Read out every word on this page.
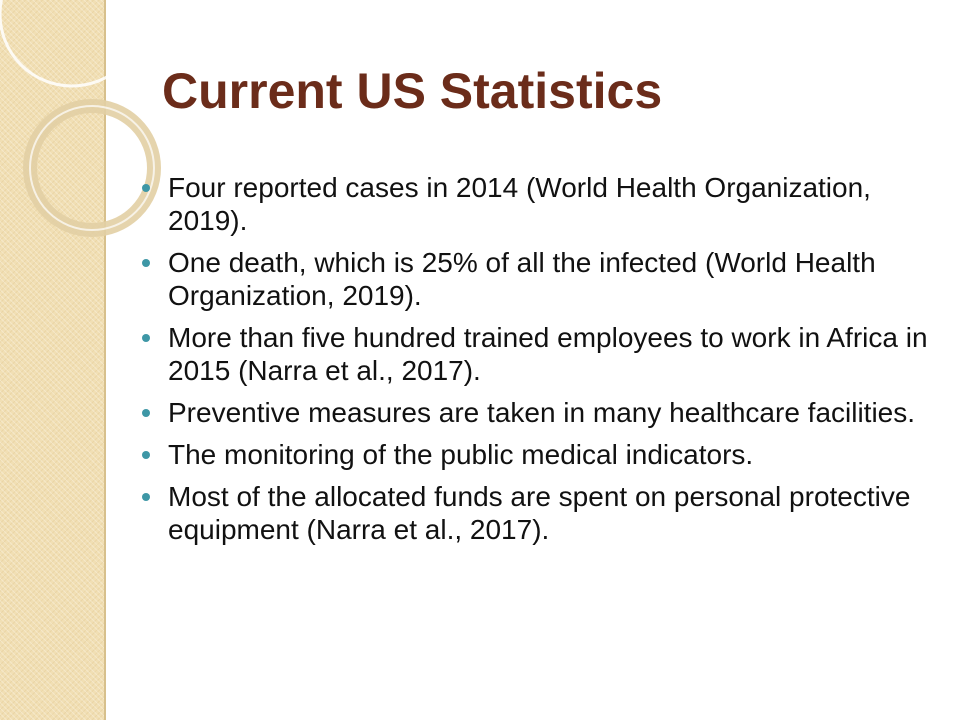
Current US Statistics
Four reported cases in 2014 (World Health Organization, 2019).
One death, which is 25% of all the infected (World Health Organization, 2019).
More than five hundred trained employees to work in Africa in 2015 (Narra et al., 2017).
Preventive measures are taken in many healthcare facilities.
The monitoring of the public medical indicators.
Most of the allocated funds are spent on personal protective equipment (Narra et al., 2017).
